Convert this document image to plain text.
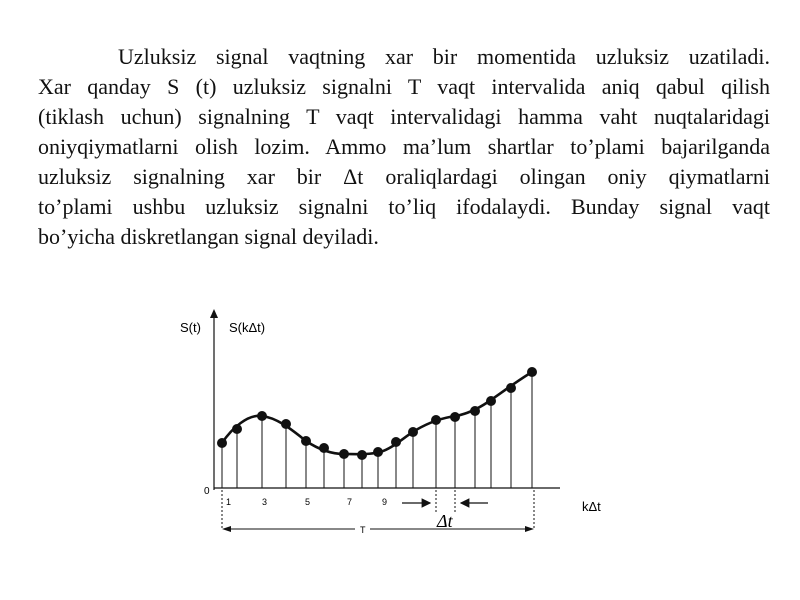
Uzluksiz signal vaqtning xar bir momentida uzluksiz uzatiladi.
Xar qanday S (t) uzluksiz signalni T vaqt intervalida aniq qabul qilish
(tiklash uchun) signalning T vaqt intervalidagi hamma vaht nuqtalaridagi
oniyqiymatlarni olish lozim. Ammo ma’lum shartlar to’plami bajarilganda
uzluksiz signalning xar bir Δt oraliqlardagi olingan oniy qiymatlarni
to’plami ushbu uzluksiz signalni to’liq ifodalaydi. Bunday signal vaqt
bo’yicha diskretlangan signal deyiladi.
S(t) S(kΔt)
0
1	3	5	7	9	kΔt
Δt
T
